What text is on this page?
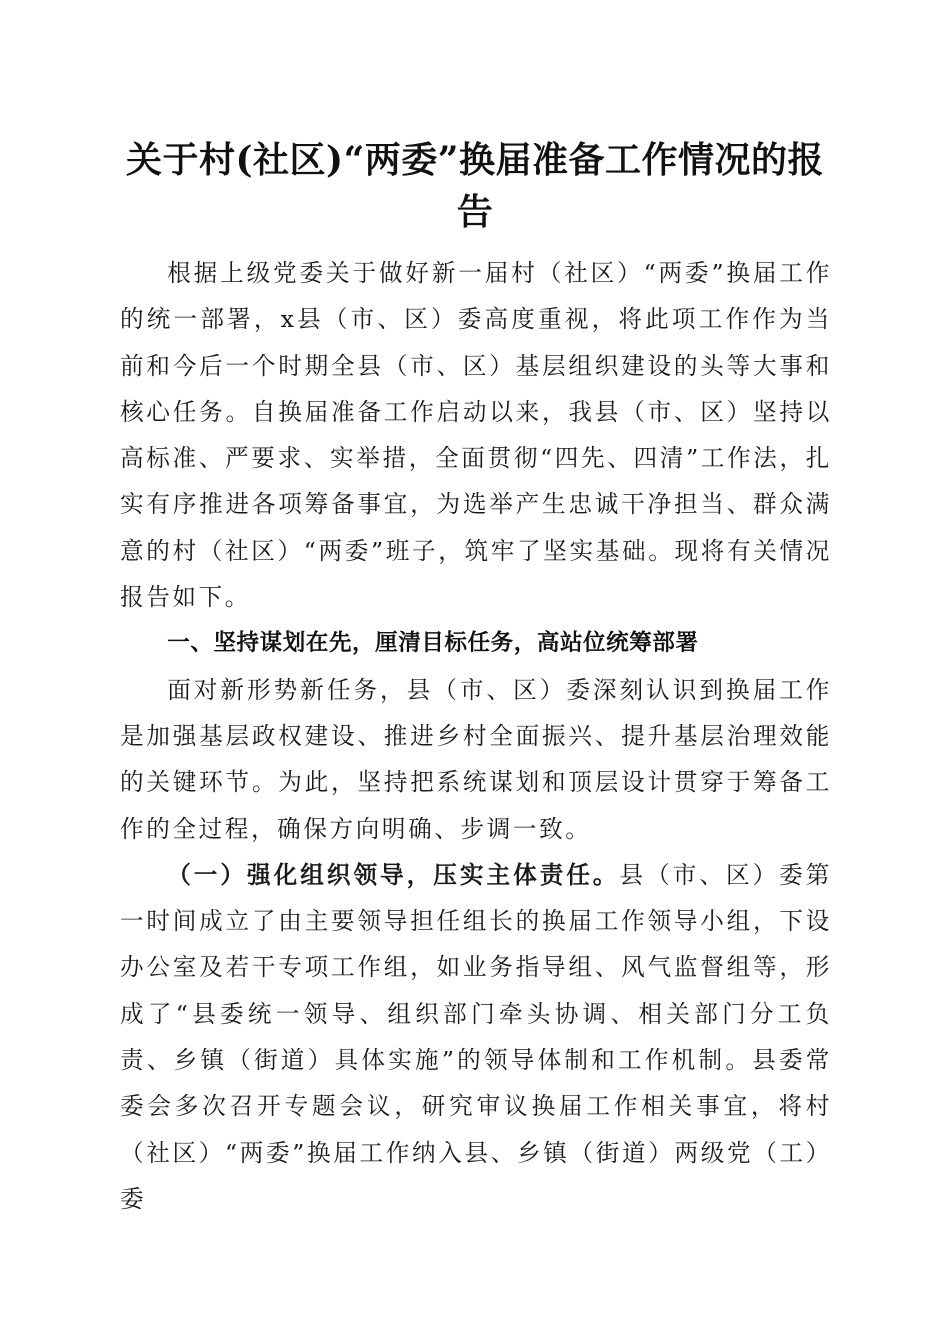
关于村(社区)“两委”换届准备工作情况的报告

根据上级党委关于做好新一届村（社区）“两委”换届工作的统一部署，x县（市、区）委高度重视，将此项工作作为当前和今后一个时期全县（市、区）基层组织建设的头等大事和核心任务。自换届准备工作启动以来，我县（市、区）坚持以高标准、严要求、实举措，全面贯彻“四先、四清”工作法，扎实有序推进各项筹备事宜，为选举产生忠诚干净担当、群众满意的村（社区）“两委”班子，筑牢了坚实基础。现将有关情况报告如下。

一、坚持谋划在先，厘清目标任务，高站位统筹部署

面对新形势新任务，县（市、区）委深刻认识到换届工作是加强基层政权建设、推进乡村全面振兴、提升基层治理效能的关键环节。为此，坚持把系统谋划和顶层设计贯穿于筹备工作的全过程，确保方向明确、步调一致。

（一）强化组织领导，压实主体责任。县（市、区）委第一时间成立了由主要领导担任组长的换届工作领导小组，下设办公室及若干专项工作组，如业务指导组、风气监督组等，形成了“县委统一领导、组织部门牵头协调、相关部门分工负责、乡镇（街道）具体实施”的领导体制和工作机制。县委常委会多次召开专题会议，研究审议换届工作相关事宜，将村（社区）“两委”换届工作纳入县、乡镇（街道）两级党（工）委
